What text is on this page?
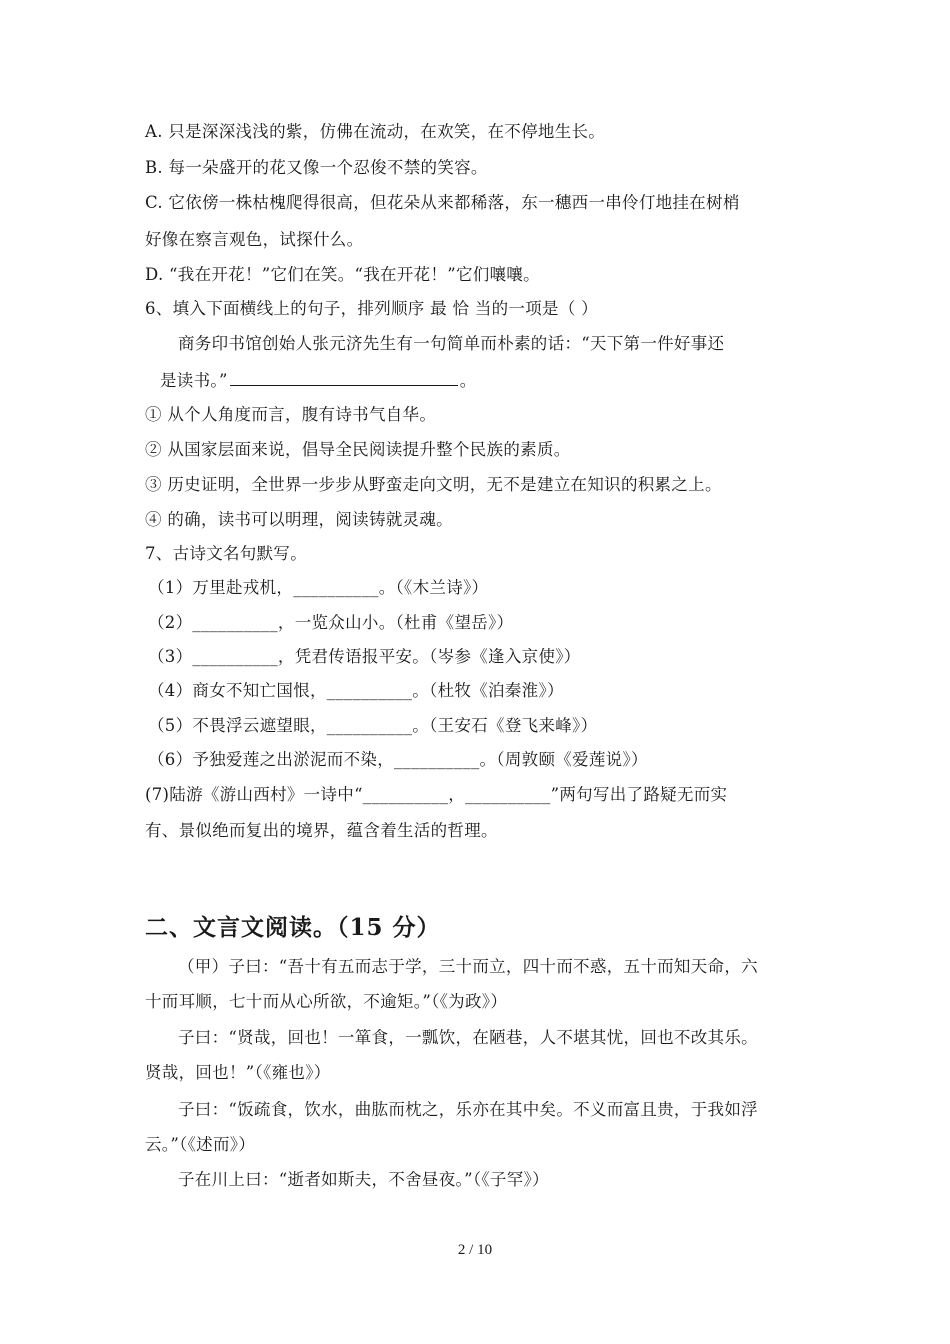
A. 只是深深浅浅的紫，仿佛在流动，在欢笑，在不停地生长。
B. 每一朵盛开的花又像一个忍俊不禁的笑容。
C. 它依傍一株枯槐爬得很高，但花朵从来都稀落，东一穗西一串伶仃地挂在树梢
好像在察言观色，试探什么。
D. “我在开花！”它们在笑。“我在开花！”它们嚷嚷。
6、填入下面横线上的句子，排列顺序 最 恰 当的一项是（ ）
商务印书馆创始人张元济先生有一句简单而朴素的话：“天下第一件好事还
是读书。”	。
① 从个人角度而言，腹有诗书气自华。
② 从国家层面来说，倡导全民阅读提升整个民族的素质。
③ 历史证明，全世界一步步从野蛮走向文明，无不是建立在知识的积累之上。
④ 的确，读书可以明理，阅读铸就灵魂。
7、古诗文名句默写。
（1）万里赴戎机，__________。（《木兰诗》）
（2）__________，一览众山小。（杜甫《望岳》）
（3）__________，凭君传语报平安。（岑参《逢入京使》）
（4）商女不知亡国恨，__________。（杜牧《泊秦淮》）
（5）不畏浮云遮望眼，__________。（王安石《登飞来峰》）
（6）予独爱莲之出淤泥而不染，__________。（周敦颐《爱莲说》）
(7)陆游《游山西村》一诗中“__________，__________”两句写出了路疑无而实
有、景似绝而复出的境界，蕴含着生活的哲理。
二、文言文阅读。（15 分）
（甲）子曰：“吾十有五而志于学，三十而立，四十而不惑，五十而知天命，六
十而耳顺，七十而从心所欲，不逾矩。”（《为政》）
子曰：“贤哉，回也！一箪食，一瓢饮，在陋巷，人不堪其忧，回也不改其乐。
贤哉，回也！”（《雍也》）
子曰：“饭疏食，饮水，曲肱而枕之，乐亦在其中矣。不义而富且贵，于我如浮
云。”（《述而》）
子在川上曰：“逝者如斯夫，不舍昼夜。”（《子罕》）
2 / 10
